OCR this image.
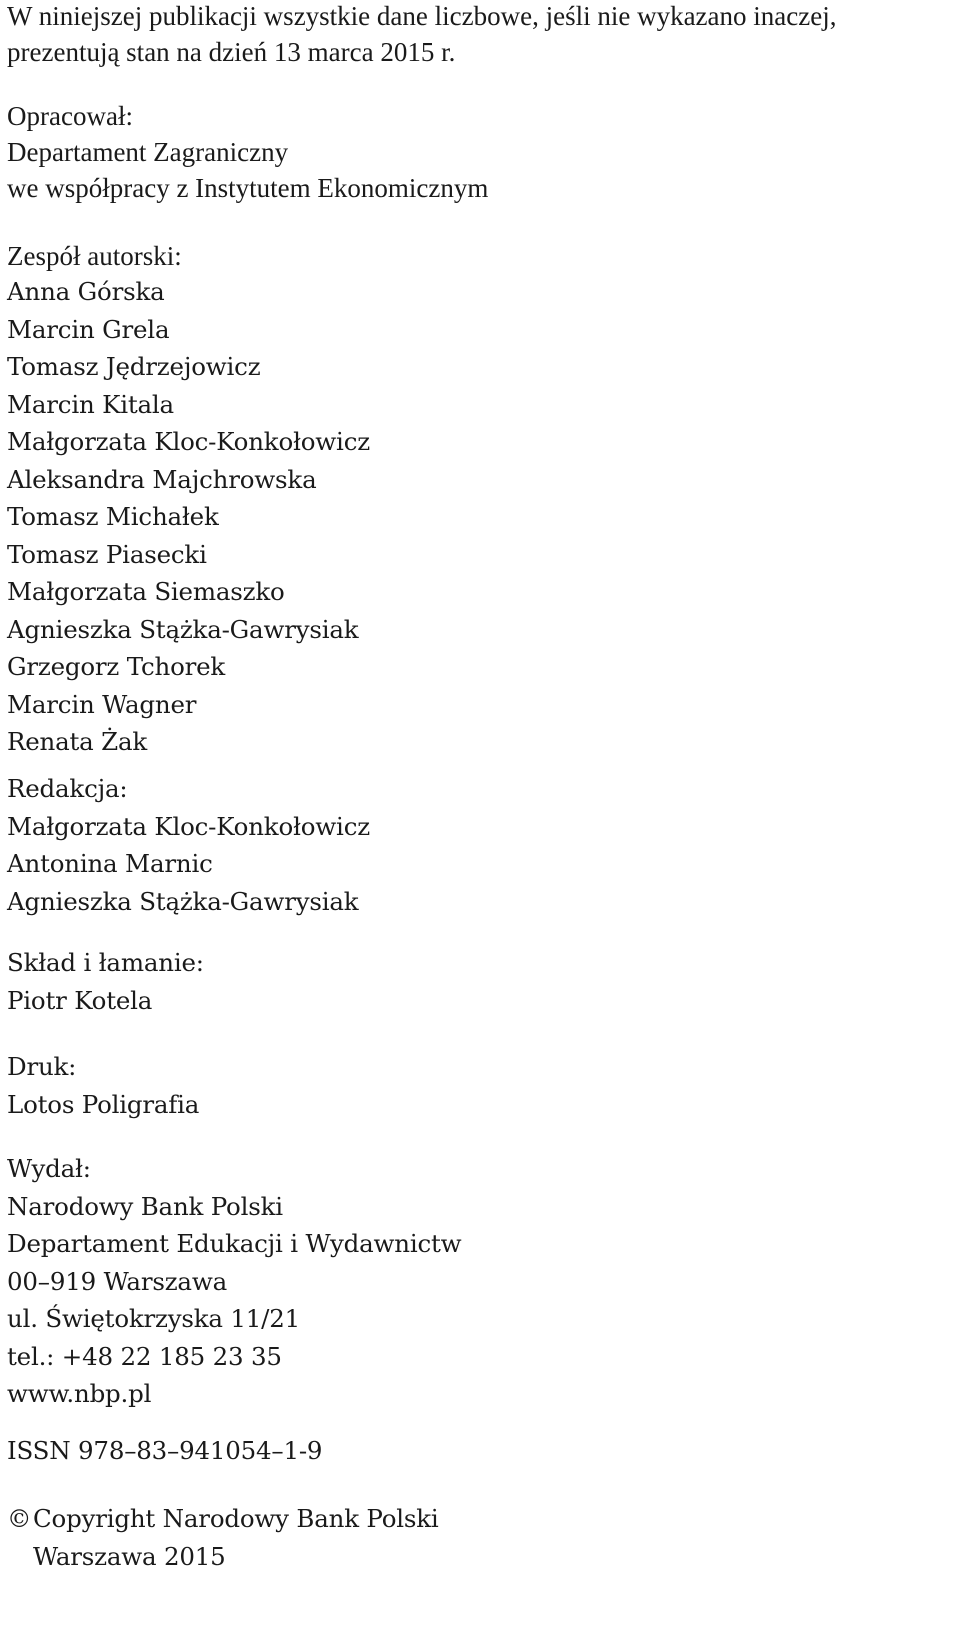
W niniejszej publikacji wszystkie dane liczbowe, jeśli nie wykazano inaczej,
prezentują stan na dzień 13 marca 2015 r.
Opracował:
Departament Zagraniczny
we współpracy z Instytutem Ekonomicznym
Zespół autorski:
Anna Górska
Marcin Grela
Tomasz Jędrzejowicz
Marcin Kitala
Małgorzata Kloc-Konkołowicz
Aleksandra Majchrowska
Tomasz Michałek
Tomasz Piasecki
Małgorzata Siemaszko
Agnieszka Stążka-Gawrysiak
Grzegorz Tchorek
Marcin Wagner
Renata Żak
Redakcja:
Małgorzata Kloc-Konkołowicz
Antonina Marnic
Agnieszka Stążka-Gawrysiak
Skład i łamanie:
Piotr Kotela
Druk:
Lotos Poligrafia
Wydał:
Narodowy Bank Polski
Departament Edukacji i Wydawnictw
00–919 Warszawa
ul. Świętokrzyska 11/21
tel.: +48 22 185 23 35
www.nbp.pl
ISSN 978–83–941054–1-9
©Copyright Narodowy Bank Polski
Warszawa 2015
